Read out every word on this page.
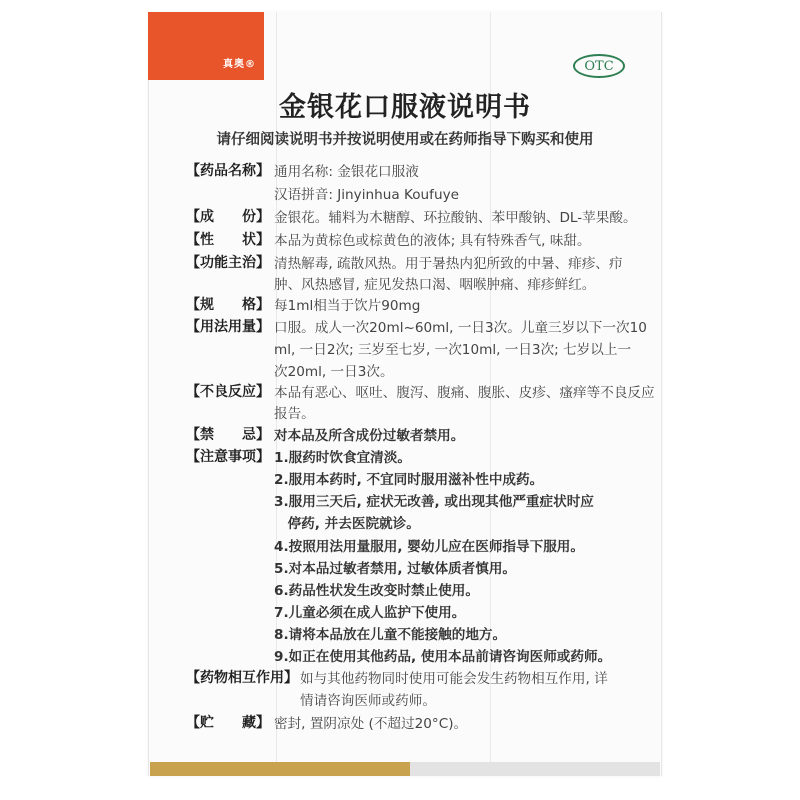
真奥®	OTC
金银花口服液说明书
请仔细阅读说明书并按说明使用或在药师指导下购买和使用
【药品名称】 通用名称: 金银花口服液
汉语拼音: Jinyinhua Koufuye
【成　　份】 金银花。辅料为木糖醇、环拉酸钠、苯甲酸钠、DL-苹果酸。
【性　　状】 本品为黄棕色或棕黄色的液体; 具有特殊香气, 味甜。
【功能主治】 清热解毒, 疏散风热。用于暑热内犯所致的中暑、痱疹、疖
肿、风热感冒, 症见发热口渴、咽喉肿痛、痱疹鲜红。
【规　　格】 每1ml相当于饮片90mg
【用法用量】 口服。成人一次20ml~60ml, 一日3次。儿童三岁以下一次10
ml, 一日2次; 三岁至七岁, 一次10ml, 一日3次; 七岁以上一
次20ml, 一日3次。
【不良反应】 本品有恶心、呕吐、腹泻、腹痛、腹胀、皮疹、瘙痒等不良反应
报告。
【禁　　忌】 对本品及所含成份过敏者禁用。
【注意事项】 1.服药时饮食宜清淡。
2.服用本药时, 不宜同时服用滋补性中成药。
3.服用三天后, 症状无改善, 或出现其他严重症状时应
　停药, 并去医院就诊。
4.按照用法用量服用, 婴幼儿应在医师指导下服用。
5.对本品过敏者禁用, 过敏体质者慎用。
6.药品性状发生改变时禁止使用。
7.儿童必须在成人监护下使用。
8.请将本品放在儿童不能接触的地方。
9.如正在使用其他药品, 使用本品前请咨询医师或药师。
【药物相互作用】 如与其他药物同时使用可能会发生药物相互作用, 详
情请咨询医师或药师。
【贮　　藏】 密封, 置阴凉处 (不超过20°C)。
